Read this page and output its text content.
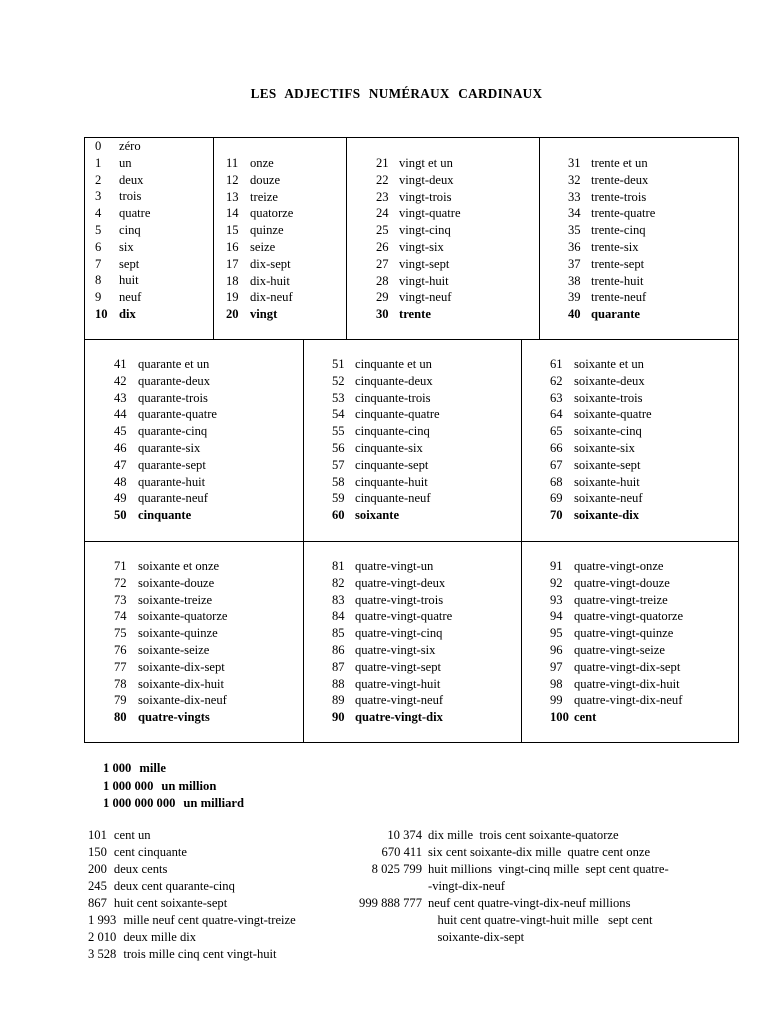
LES ADJECTIFS NUMÉRAUX CARDINAUX
0 zéro
1 un
2 deux
3 trois
4 quatre
5 cinq
6 six
7 sept
8 huit
9 neuf
10 dix
11 onze
12 douze
13 treize
14 quatorze
15 quinze
16 seize
17 dix-sept
18 dix-huit
19 dix-neuf
20 vingt
21 vingt et un
22 vingt-deux
23 vingt-trois
24 vingt-quatre
25 vingt-cinq
26 vingt-six
27 vingt-sept
28 vingt-huit
29 vingt-neuf
30 trente
31 trente et un
32 trente-deux
33 trente-trois
34 trente-quatre
35 trente-cinq
36 trente-six
37 trente-sept
38 trente-huit
39 trente-neuf
40 quarante
41 quarante et un
42 quarante-deux
43 quarante-trois
44 quarante-quatre
45 quarante-cinq
46 quarante-six
47 quarante-sept
48 quarante-huit
49 quarante-neuf
50 cinquante
51 cinquante et un
52 cinquante-deux
53 cinquante-trois
54 cinquante-quatre
55 cinquante-cinq
56 cinquante-six
57 cinquante-sept
58 cinquante-huit
59 cinquante-neuf
60 soixante
61 soixante et un
62 soixante-deux
63 soixante-trois
64 soixante-quatre
65 soixante-cinq
66 soixante-six
67 soixante-sept
68 soixante-huit
69 soixante-neuf
70 soixante-dix
71 soixante et onze
72 soixante-douze
73 soixante-treize
74 soixante-quatorze
75 soixante-quinze
76 soixante-seize
77 soixante-dix-sept
78 soixante-dix-huit
79 soixante-dix-neuf
80 quatre-vingts
81 quatre-vingt-un
82 quatre-vingt-deux
83 quatre-vingt-trois
84 quatre-vingt-quatre
85 quatre-vingt-cinq
86 quatre-vingt-six
87 quatre-vingt-sept
88 quatre-vingt-huit
89 quatre-vingt-neuf
90 quatre-vingt-dix
91 quatre-vingt-onze
92 quatre-vingt-douze
93 quatre-vingt-treize
94 quatre-vingt-quatorze
95 quatre-vingt-quinze
96 quatre-vingt-seize
97 quatre-vingt-dix-sept
98 quatre-vingt-dix-huit
99 quatre-vingt-dix-neuf
100 cent
1 000 mille
1 000 000 un million
1 000 000 000 un milliard
101 cent un
150 cent cinquante
200 deux cents
245 deux cent quarante-cinq
867 huit cent soixante-sept
1 993 mille neuf cent quatre-vingt-treize
2 010 deux mille dix
3 528 trois mille cinq cent vingt-huit
10 374 dix mille  trois cent soixante-quatorze
670 411 six cent soixante-dix mille  quatre cent onze
8 025 799 huit millions  vingt-cinq mille  sept cent quatre-
-vingt-dix-neuf
999 888 777 neuf cent quatre-vingt-dix-neuf millions
huit cent quatre-vingt-huit mille   sept cent
soixante-dix-sept
